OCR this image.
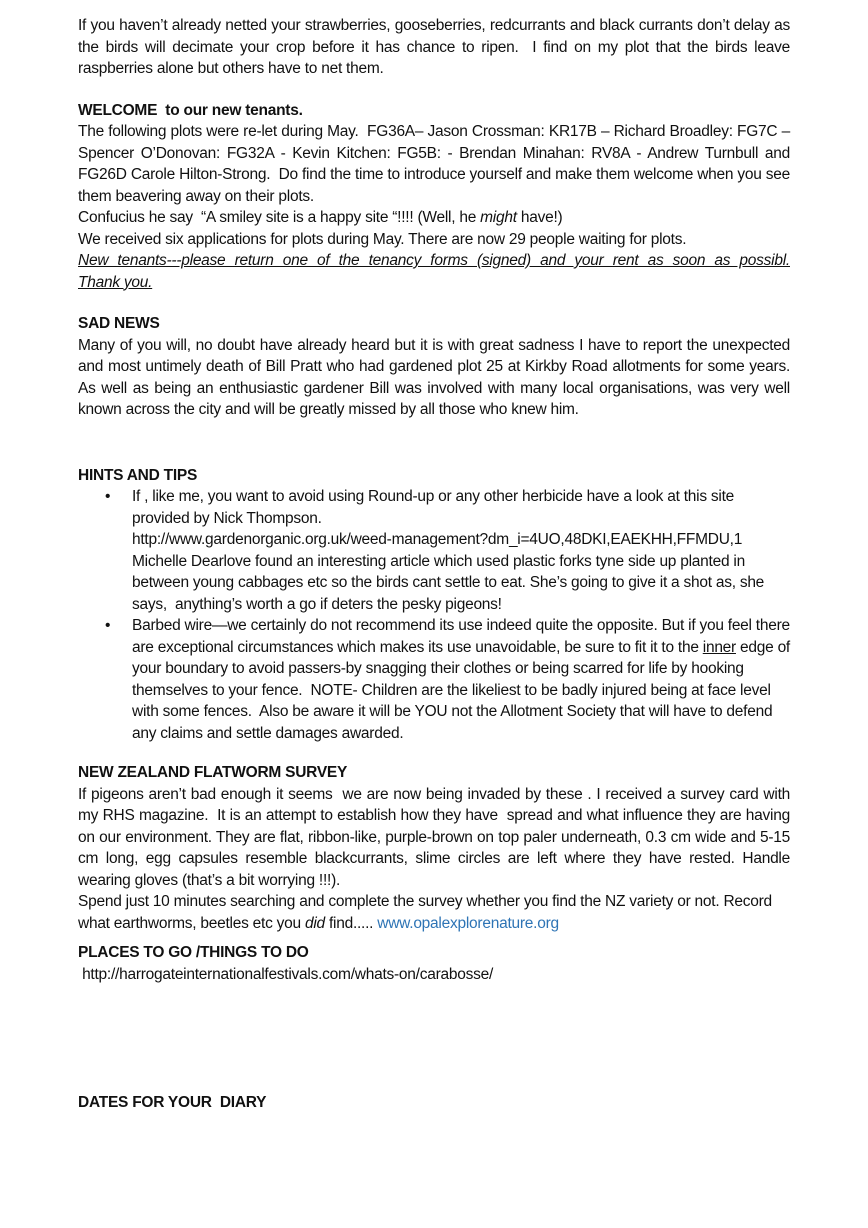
If you haven’t already netted your strawberries, gooseberries, redcurrants and black currants don’t delay as the birds will decimate your crop before it has chance to ripen.  I find on my plot that the birds leave raspberries alone but others have to net them.

WELCOME  to our new tenants.

The following plots were re-let during May.  FG36A– Jason Crossman: KR17B – Richard Broadley: FG7C – Spencer O’Donovan: FG32A - Kevin Kitchen: FG5B: - Brendan Minahan: RV8A - Andrew Turnbull and FG26D Carole Hilton-Strong.  Do find the time to introduce yourself and make them welcome when you see them beavering away on their plots.

Confucius he say  “A smiley site is a happy site “!!!! (Well, he might have!)

We received six applications for plots during May. There are now 29 people waiting for plots.

New tenants---please return one of the tenancy forms (signed) and your rent as soon as possibl.
Thank you.

SAD NEWS

Many of you will, no doubt have already heard but it is with great sadness I have to report the unexpected and most untimely death of Bill Pratt who had gardened plot 25 at Kirkby Road allotments for some years.  As well as being an enthusiastic gardener Bill was involved with many local organisations, was very well known across the city and will be greatly missed by all those who knew him.

HINTS AND TIPS
• If , like me, you want to avoid using Round-up or any other herbicide have a look at this site provided by Nick Thompson.
http://www.gardenorganic.org.uk/weed-management?dm_i=4UO,48DKI,EAEKHH,FFMDU,1
Michelle Dearlove found an interesting article which used plastic forks tyne side up planted in between young cabbages etc so the birds cant settle to eat. She’s going to give it a shot as, she says,  anything’s worth a go if deters the pesky pigeons!
• Barbed wire—we certainly do not recommend its use indeed quite the opposite. But if you feel there are exceptional circumstances which makes its use unavoidable, be sure to fit it to the inner edge of your boundary to avoid passers-by snagging their clothes or being scarred for life by hooking themselves to your fence.  NOTE- Children are the likeliest to be badly injured being at face level with some fences.  Also be aware it will be YOU not the Allotment Society that will have to defend any claims and settle damages awarded.
NEW ZEALAND FLATWORM SURVEY

If pigeons aren’t bad enough it seems  we are now being invaded by these . I received a survey card with my RHS magazine.  It is an attempt to establish how they have  spread and what influence they are having on our environment. They are flat, ribbon-like, purple-brown on top paler underneath, 0.3 cm wide and 5-15 cm long, egg capsules resemble blackcurrants, slime circles are left where they have rested. Handle wearing gloves (that’s a bit worrying !!!).

Spend just 10 minutes searching and complete the survey whether you find the NZ variety or not. Record what earthworms, beetles etc you did find..... www.opalexplorenature.org

PLACES TO GO /THINGS TO DO

http://harrogateinternationalfestivals.com/whats-on/carabosse/

DATES FOR YOUR  DIARY
